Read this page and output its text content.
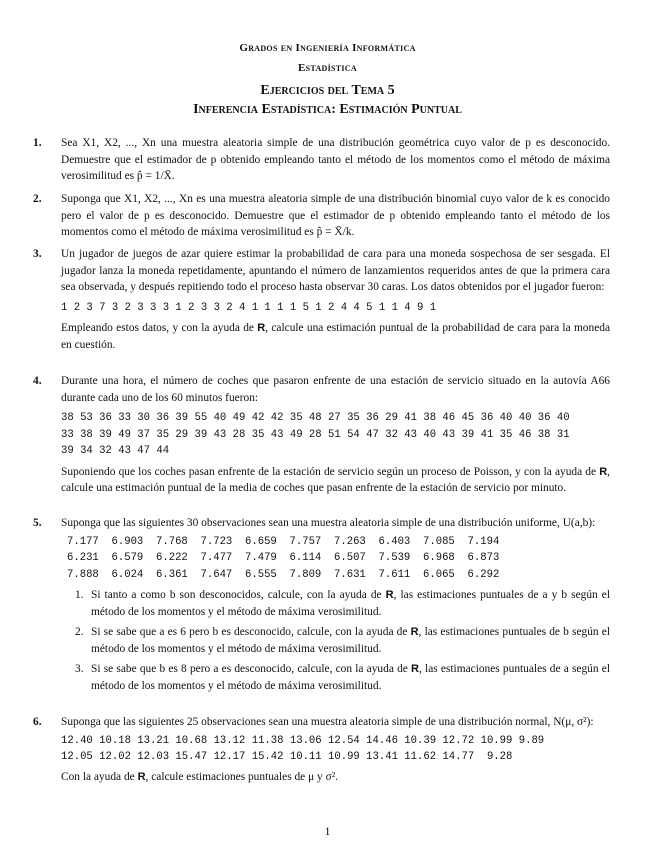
Grados en Ingeniería Informática
Estadística
Ejercicios del Tema 5
Inferencia Estadística: Estimación Puntual
1. Sea X1, X2, ..., Xn una muestra aleatoria simple de una distribución geométrica cuyo valor de p es desconocido. Demuestre que el estimador de p obtenido empleando tanto el método de los momentos como el método de máxima verosimilitud es p̂ = 1/X̄.

2. Suponga que X1, X2, ..., Xn es una muestra aleatoria simple de una distribución binomial cuyo valor de k es conocido pero el valor de p es desconocido. Demuestre que el estimador de p obtenido empleando tanto el método de los momentos como el método de máxima verosimilitud es p̂ = X̄/k.

3. Un jugador de juegos de azar quiere estimar la probabilidad de cara para una moneda sospechosa de ser sesgada. El jugador lanza la moneda repetidamente, apuntando el número de lanzamientos requeridos antes de que la primera cara sea observada, y después repitiendo todo el proceso hasta observar 30 caras. Los datos obtenidos por el jugador fueron:

1 2 3 7 3 2 3 3 3 1 2 3 3 2 4 1 1 1 1 5 1 2 4 4 5 1 1 4 9 1

Empleando estos datos, y con la ayuda de R, calcule una estimación puntual de la probabilidad de cara para la moneda en cuestión.

4. Durante una hora, el número de coches que pasaron enfrente de una estación de servicio situado en la autovía A66 durante cada uno de los 60 minutos fueron:

38 53 36 33 30 36 39 55 40 49 42 42 35 48 27 35 36 29 41 38 46 45 36 40 40 36 40
33 38 39 49 37 35 29 39 43 28 35 43 49 28 51 54 47 32 43 40 43 39 41 35 46 38 31
39 34 32 43 47 44

Suponiendo que los coches pasan enfrente de la estación de servicio según un proceso de Poisson, y con la ayuda de R, calcule una estimación puntual de la media de coches que pasan enfrente de la estación de servicio por minuto.

5. Suponga que las siguientes 30 observaciones sean una muestra aleatoria simple de una distribución uniforme, U(a,b):

7.177  6.903  7.768  7.723  6.659  7.757  7.263  6.403  7.085  7.194
6.231  6.579  6.222  7.477  7.479  6.114  6.507  7.539  6.968  6.873
7.888  6.024  6.361  7.647  6.555  7.809  7.631  7.611  6.065  6.292
1. Si tanto a como b son desconocidos, calcule, con la ayuda de R, las estimaciones puntuales de a y b según el método de los momentos y el método de máxima verosimilitud.
2. Si se sabe que a es 6 pero b es desconocido, calcule, con la ayuda de R, las estimaciones puntuales de b según el método de los momentos y el método de máxima verosimilitud.
3. Si se sabe que b es 8 pero a es desconocido, calcule, con la ayuda de R, las estimaciones puntuales de a según el método de los momentos y el método de máxima verosimilitud.
6. Suponga que las siguientes 25 observaciones sean una muestra aleatoria simple de una distribución normal, N(μ, σ²):

12.40 10.18 13.21 10.68 13.12 11.38 13.06 12.54 14.46 10.39 12.72 10.99 9.89
12.05 12.02 12.03 15.47 12.17 15.42 10.11 10.99 13.41 11.62 14.77  9.28

Con la ayuda de R, calcule estimaciones puntuales de μ y σ².

1
